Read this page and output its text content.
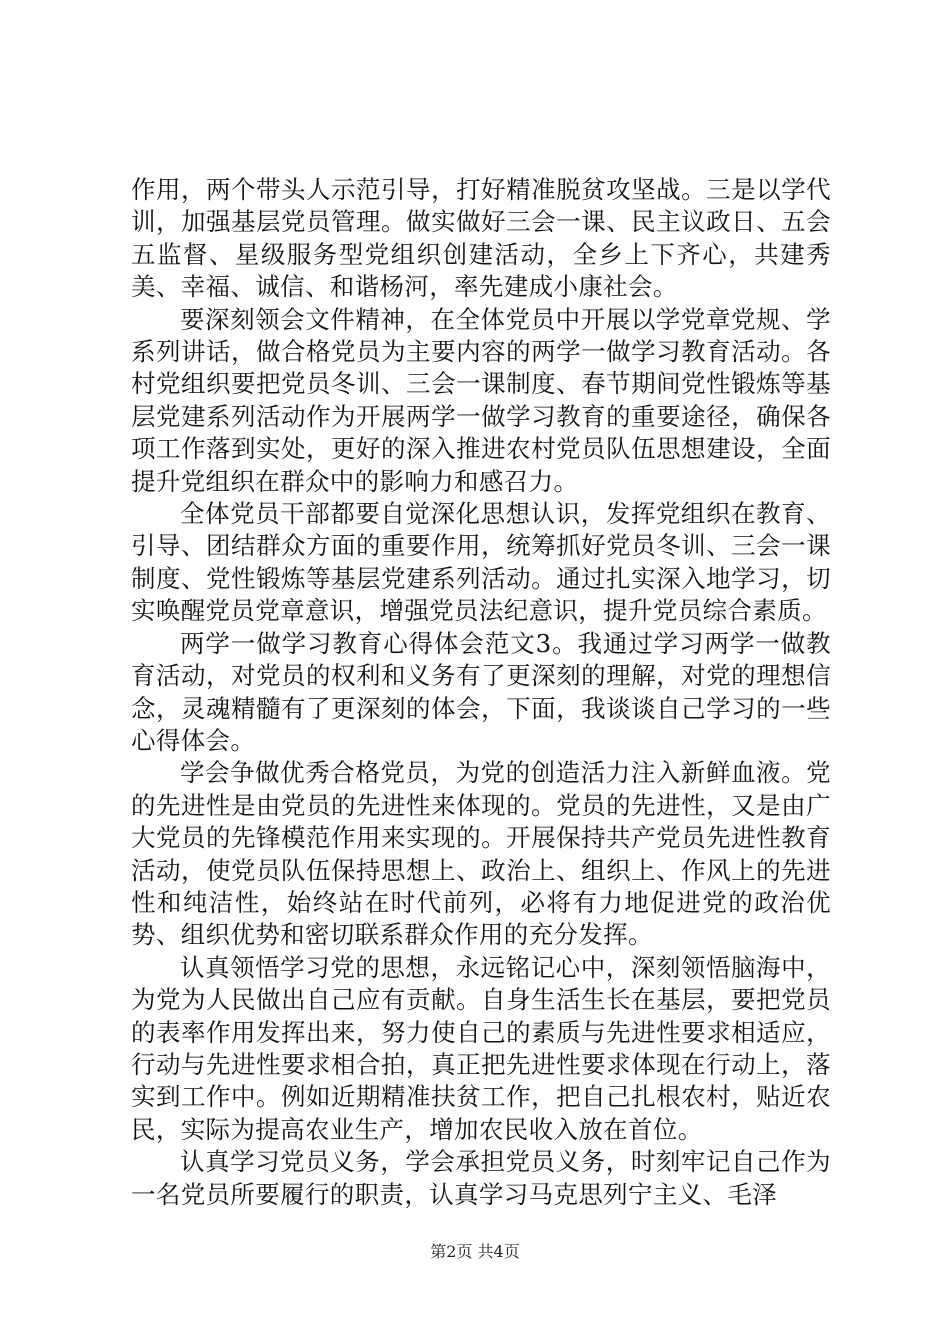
作用，两个带头人示范引导，打好精准脱贫攻坚战。三是以学代训，加强基层党员管理。做实做好三会一课、民主议政日、五会五监督、星级服务型党组织创建活动，全乡上下齐心，共建秀美、幸福、诚信、和谐杨河，率先建成小康社会。

要深刻领会文件精神，在全体党员中开展以学党章党规、学系列讲话，做合格党员为主要内容的两学一做学习教育活动。各村党组织要把党员冬训、三会一课制度、春节期间党性锻炼等基层党建系列活动作为开展两学一做学习教育的重要途径，确保各项工作落到实处，更好的深入推进农村党员队伍思想建设，全面提升党组织在群众中的影响力和感召力。

全体党员干部都要自觉深化思想认识，发挥党组织在教育、引导、团结群众方面的重要作用，统筹抓好党员冬训、三会一课制度、党性锻炼等基层党建系列活动。通过扎实深入地学习，切实唤醒党员党章意识，增强党员法纪意识，提升党员综合素质。

两学一做学习教育心得体会范文3。我通过学习两学一做教育活动，对党员的权利和义务有了更深刻的理解，对党的理想信念，灵魂精髓有了更深刻的体会，下面，我谈谈自己学习的一些心得体会。

学会争做优秀合格党员，为党的创造活力注入新鲜血液。党的先进性是由党员的先进性来体现的。党员的先进性，又是由广大党员的先锋模范作用来实现的。开展保持共产党员先进性教育活动，使党员队伍保持思想上、政治上、组织上、作风上的先进性和纯洁性，始终站在时代前列，必将有力地促进党的政治优势、组织优势和密切联系群众作用的充分发挥。

认真领悟学习党的思想，永远铭记心中，深刻领悟脑海中，为党为人民做出自己应有贡献。自身生活生长在基层，要把党员的表率作用发挥出来，努力使自己的素质与先进性要求相适应，行动与先进性要求相合拍，真正把先进性要求体现在行动上，落实到工作中。例如近期精准扶贫工作，把自己扎根农村，贴近农民，实际为提高农业生产，增加农民收入放在首位。

认真学习党员义务，学会承担党员义务，时刻牢记自己作为一名党员所要履行的职责，认真学习马克思列宁主义、毛泽

第2页 共4页
